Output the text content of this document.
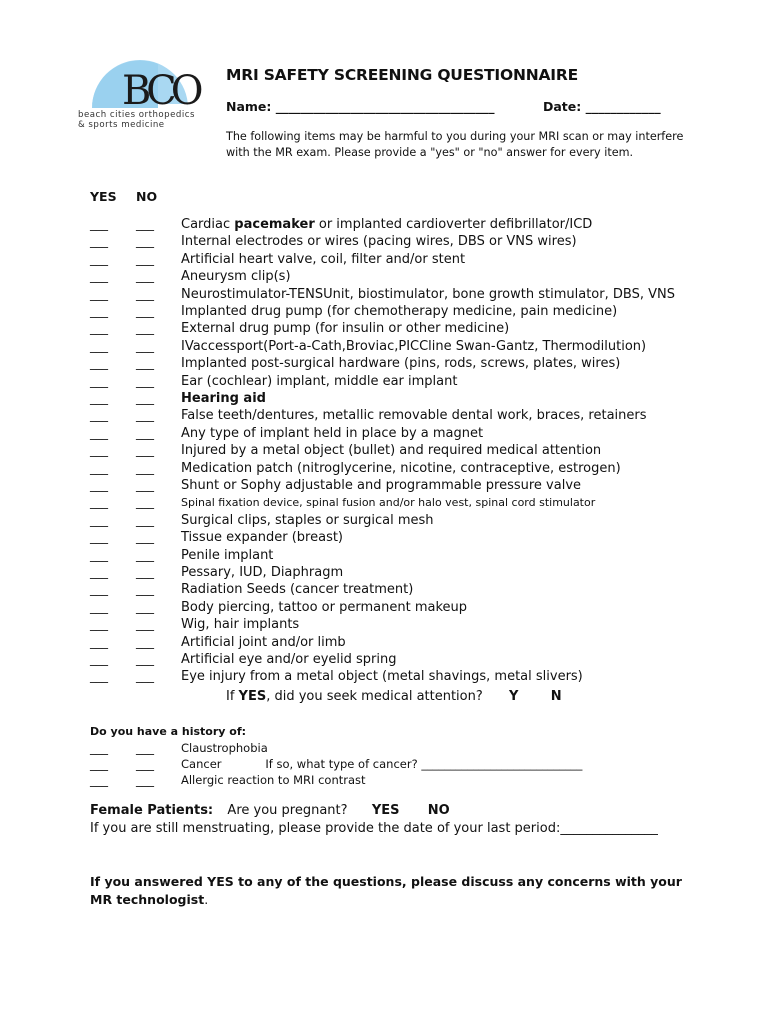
BCO
beach cities orthopedics
& sports medicine
MRI SAFETY SCREENING QUESTIONNAIRE
Name: ___________________________________	Date: ____________
The following items may be harmful to you during your MRI scan or may interfere with the MR exam. Please provide a "yes" or "no" answer for every item.
YES NO
___ ___ Cardiac pacemaker or implanted cardioverter defibrillator/ICD
___ ___ Internal electrodes or wires (pacing wires, DBS or VNS wires)
___ ___ Artificial heart valve, coil, filter and/or stent
___ ___ Aneurysm clip(s)
___ ___ Neurostimulator-TENSUnit, biostimulator, bone growth stimulator, DBS, VNS
___ ___ Implanted drug pump (for chemotherapy medicine, pain medicine)
___ ___ External drug pump (for insulin or other medicine)
___ ___ IVaccessport(Port-a-Cath,Broviac,PICCline Swan-Gantz, Thermodilution)
___ ___ Implanted post-surgical hardware (pins, rods, screws, plates, wires)
___ ___ Ear (cochlear) implant, middle ear implant
___ ___ Hearing aid
___ ___ False teeth/dentures, metallic removable dental work, braces, retainers
___ ___ Any type of implant held in place by a magnet
___ ___ Injured by a metal object (bullet) and required medical attention
___ ___ Medication patch (nitroglycerine, nicotine, contraceptive, estrogen)
___ ___ Shunt or Sophy adjustable and programmable pressure valve
___ ___ Spinal fixation device, spinal fusion and/or halo vest, spinal cord stimulator
___ ___ Surgical clips, staples or surgical mesh
___ ___ Tissue expander (breast)
___ ___ Penile implant
___ ___ Pessary, IUD, Diaphragm
___ ___ Radiation Seeds (cancer treatment)
___ ___ Body piercing, tattoo or permanent makeup
___ ___ Wig, hair implants
___ ___ Artificial joint and/or limb
___ ___ Artificial eye and/or eyelid spring
___ ___ Eye injury from a metal object (metal shavings, metal slivers)
If YES, did you seek medical attention? Y N
Do you have a history of:
___ ___ Claustrophobia
___ ___ Cancer            If so, what type of cancer? ____________________________
___ ___ Allergic reaction to MRI contrast
Female Patients: Are you pregnant? YES NO
If you are still menstruating, please provide the date of your last period:_______________
If you answered YES to any of the questions, please discuss any concerns with your MR technologist.
